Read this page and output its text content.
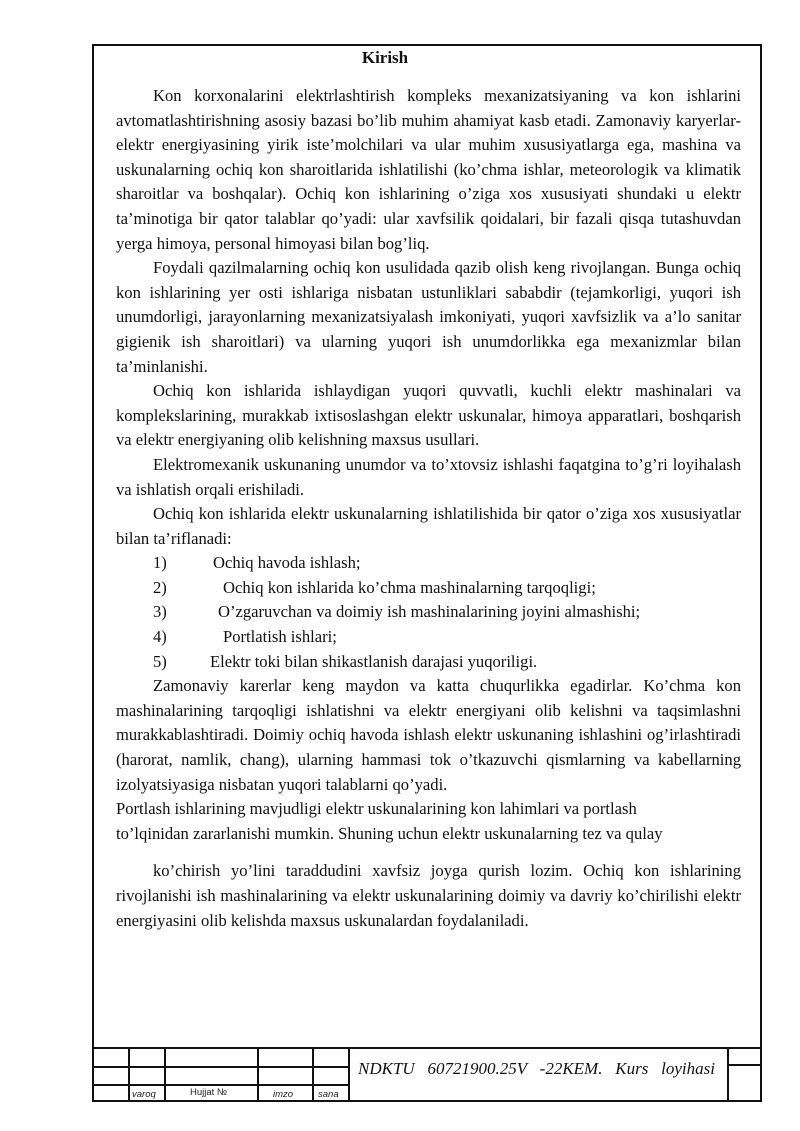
Kirish

Kon korxonalarini elektrlashtirish kompleks mexanizatsiyaning va kon ishlarini avtomatlashtirishning asosiy bazasi bo’lib muhim ahamiyat kasb etadi. Zamonaviy karyerlar-elektr energiyasining yirik iste’molchilari va ular muhim xususiyatlarga ega, mashina va uskunalarning ochiq kon sharoitlarida ishlatilishi (ko’chma ishlar, meteorologik va klimatik sharoitlar va boshqalar). Ochiq kon ishlarining o’ziga xos xususiyati shundaki u elektr ta’minotiga bir qator talablar qo’yadi: ular xavfsilik qoidalari, bir fazali qisqa tutashuvdan yerga himoya, personal himoyasi bilan bog’liq.

Foydali qazilmalarning ochiq kon usulidada qazib olish keng rivojlangan. Bunga ochiq kon ishlarining yer osti ishlariga nisbatan ustunliklari sababdir (tejamkorligi, yuqori ish unumdorligi, jarayonlarning mexanizatsiyalash imkoniyati, yuqori xavfsizlik va a’lo sanitar gigienik ish sharoitlari) va ularning yuqori ish unumdorlikka ega mexanizmlar bilan ta’minlanishi.

Ochiq kon ishlarida ishlaydigan yuqori quvvatli, kuchli elektr mashinalari va komplekslarining, murakkab ixtisoslashgan elektr uskunalar, himoya apparatlari, boshqarish va elektr energiyaning olib kelishning maxsus usullari.

Elektromexanik uskunaning unumdor va to’xtovsiz ishlashi faqatgina to’g’ri loyihalash va ishlatish orqali erishiladi.

Ochiq kon ishlarida elektr uskunalarning ishlatilishida bir qator o’ziga xos xususiyatlar bilan ta’riflanadi:

1)	Ochiq havoda ishlash;
2)	Ochiq kon ishlarida ko’chma mashinalarning tarqoqligi;
3)	O’zgaruvchan va doimiy ish mashinalarining joyini almashishi;
4)	Portlatish ishlari;
5)	Elektr toki bilan shikastlanish darajasi yuqoriligi.

Zamonaviy karerlar keng maydon va katta chuqurlikka egadirlar. Ko’chma kon mashinalarining tarqoqligi ishlatishni va elektr energiyani olib kelishni va taqsimlashni murakkablashtiradi. Doimiy ochiq havoda ishlash elektr uskunaning ishlashini og’irlashtiradi (harorat, namlik, chang), ularning hammasi tok o’tkazuvchi qismlarning va kabellarning izolyatsiyasiga nisbatan yuqori talablarni qo’yadi.

Portlash ishlarining mavjudligi elektr uskunalarining kon lahimlari va portlash

to’lqinidan zararlanishi mumkin. Shuning uchun elektr uskunalarning tez va qulay

ko’chirish yo’lini taraddudini xavfsiz joyga qurish lozim. Ochiq kon ishlarining rivojlanishi ish mashinalarining va elektr uskunalarining doimiy va davriy ko’chirilishi elektr energiyasini olib kelishda maxsus uskunalardan foydalaniladi.

varoq	Hujjat №	imzo	sana
NDKTU 60721900.25V -22KEM. Kurs loyihasi
